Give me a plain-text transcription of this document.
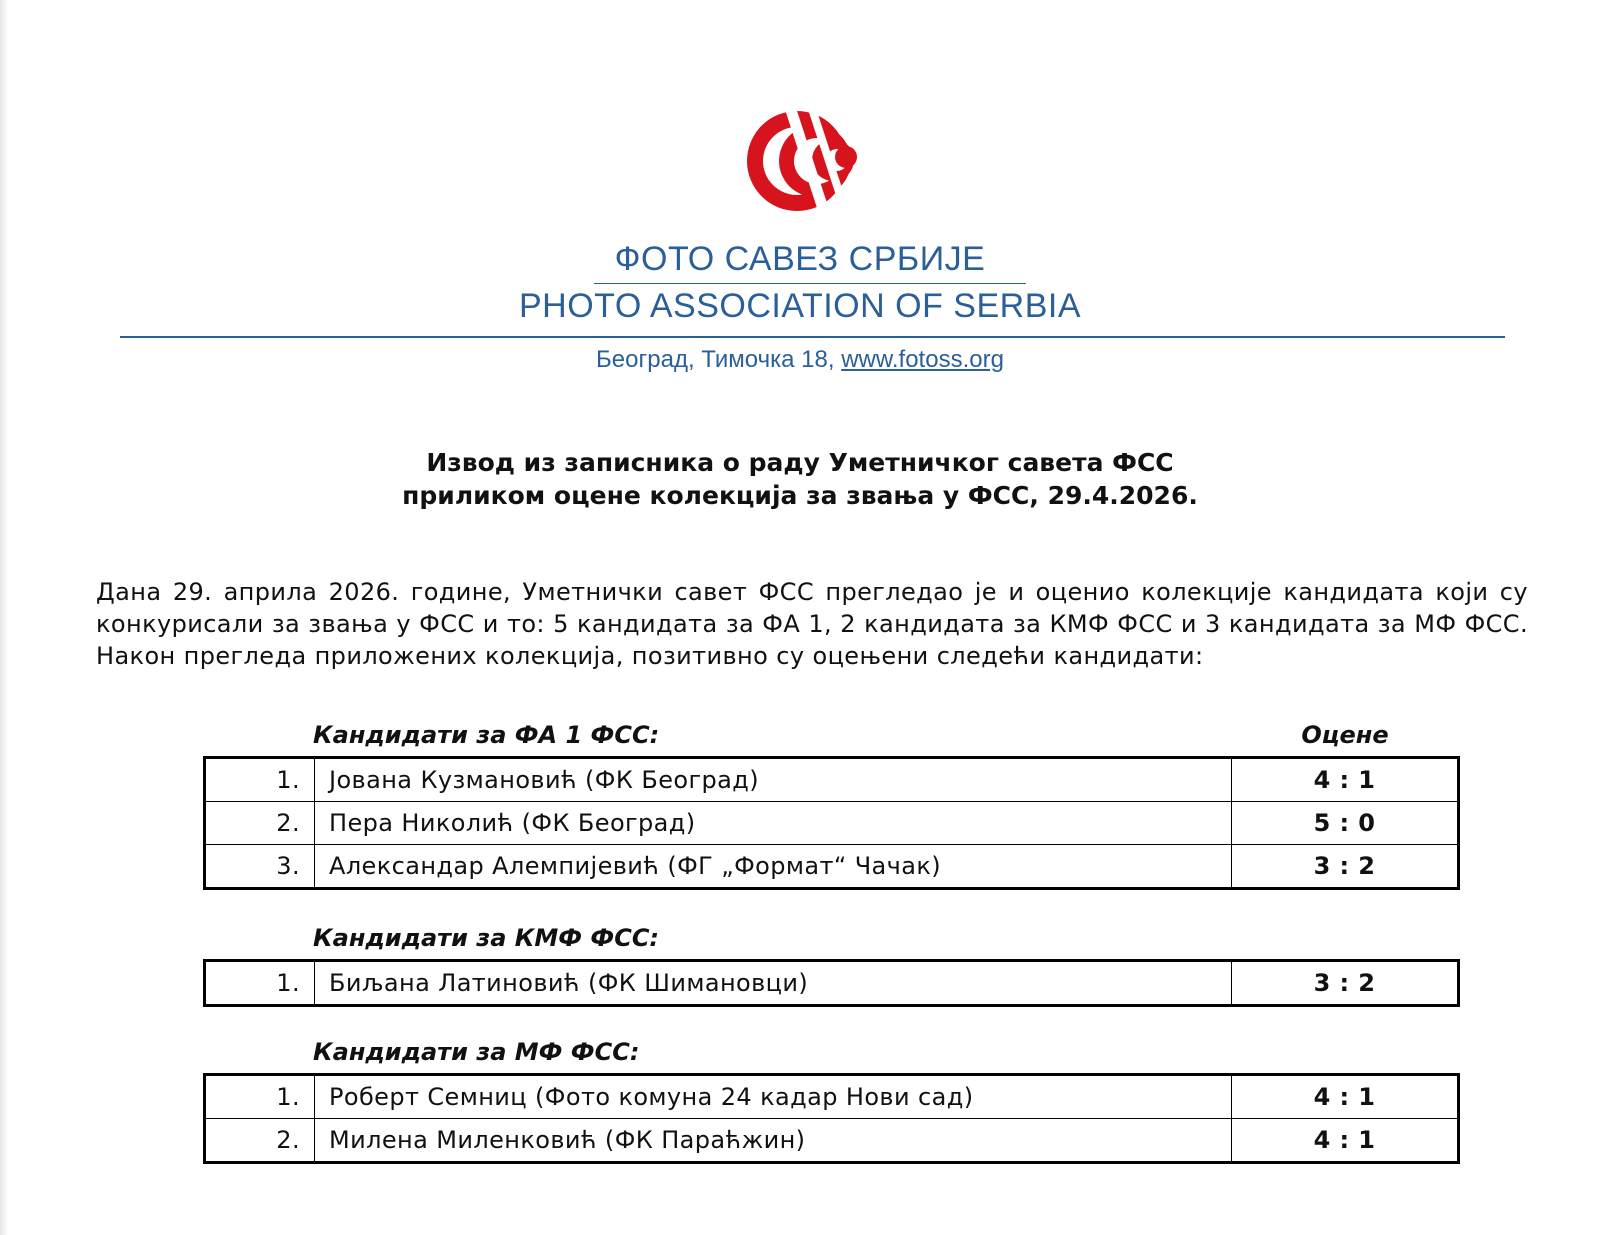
ФОТО САВЕЗ СРБИЈЕ
PHOTO ASSOCIATION OF SERBIA
Београд, Тимочка 18, www.fotoss.org
Извод из записника о раду Уметничког савета ФСС
приликом оцене колекција за звања у ФСС, 29.4.2026.
Дана 29. априла 2026. године, Уметнички савет ФСС прегледао је и оценио колекције кандидата који су конкурисали за звања у ФСС и то: 5 кандидата за ФА 1, 2 кандидата за КМФ ФСС и 3 кандидата за МФ ФСС. Након прегледа приложених колекција, позитивно су оцењени следећи кандидати:
Кандидати за ФА 1 ФСС:	Оцене
1.	Јована Кузмановић (ФК Београд)	4 : 1
2.	Пера Николић (ФК Београд)	5 : 0
3.	Александар Алемпијевић (ФГ „Формат“ Чачак)	3 : 2
Кандидати за КМФ ФСС:
1.	Биљана Латиновић (ФК Шимановци)	3 : 2
Кандидати за МФ ФСС:
1.	Роберт Семниц (Фото комуна 24 кадар Нови сад)	4 : 1
2.	Милена Миленковић (ФК Параћжин)	4 : 1
